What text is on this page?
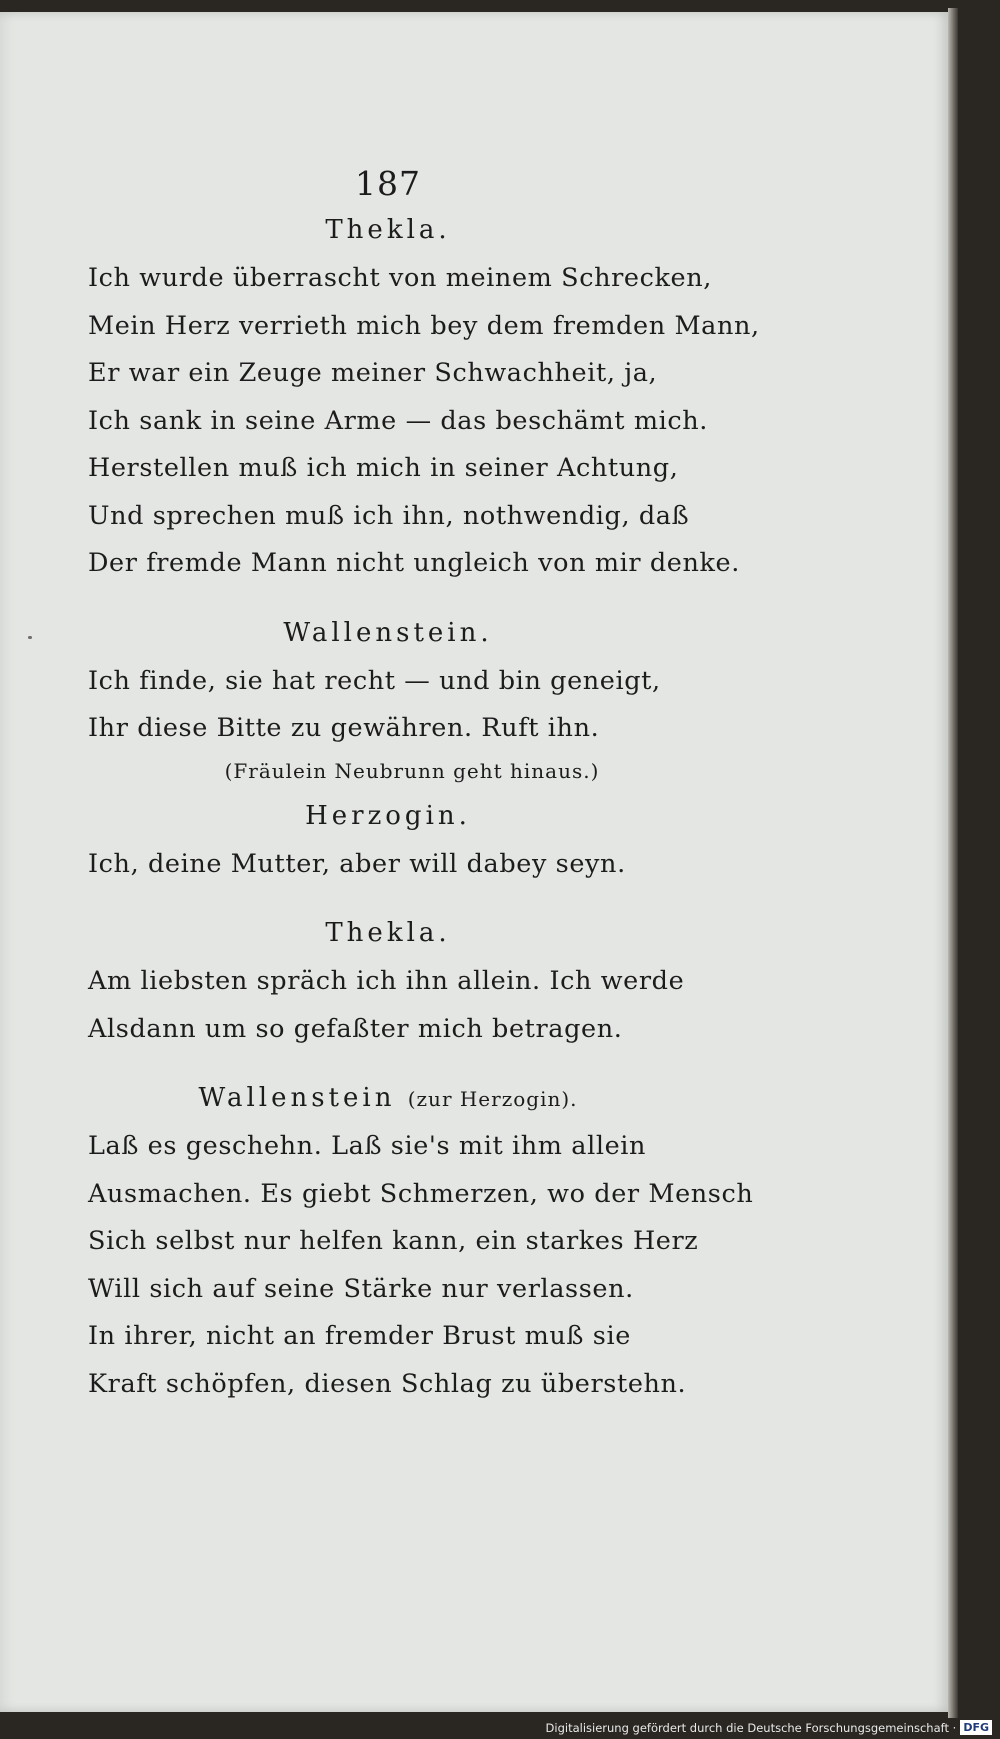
187

Thekla.

Ich wurde überrascht von meinem Schrecken,

Mein Herz verrieth mich bey dem fremden Mann,

Er war ein Zeuge meiner Schwachheit, ja,

Ich sank in seine Arme — das beschämt mich.

Herstellen muß ich mich in seiner Achtung,

Und sprechen muß ich ihn, nothwendig, daß

Der fremde Mann nicht ungleich von mir denke.

Wallenstein.

Ich finde, sie hat recht — und bin geneigt,

Ihr diese Bitte zu gewähren. Ruft ihn.

(Fräulein Neubrunn geht hinaus.)

Herzogin.

Ich, deine Mutter, aber will dabey seyn.

Thekla.

Am liebsten spräch ich ihn allein. Ich werde

Alsdann um so gefaßter mich betragen.

Wallenstein (zur Herzogin).

Laß es geschehn. Laß sie's mit ihm allein

Ausmachen. Es giebt Schmerzen, wo der Mensch

Sich selbst nur helfen kann, ein starkes Herz

Will sich auf seine Stärke nur verlassen.

In ihrer, nicht an fremder Brust muß sie

Kraft schöpfen, diesen Schlag zu überstehn.

Digitalisierung gefördert durch die Deutsche Forschungsgemeinschaft · DFG
